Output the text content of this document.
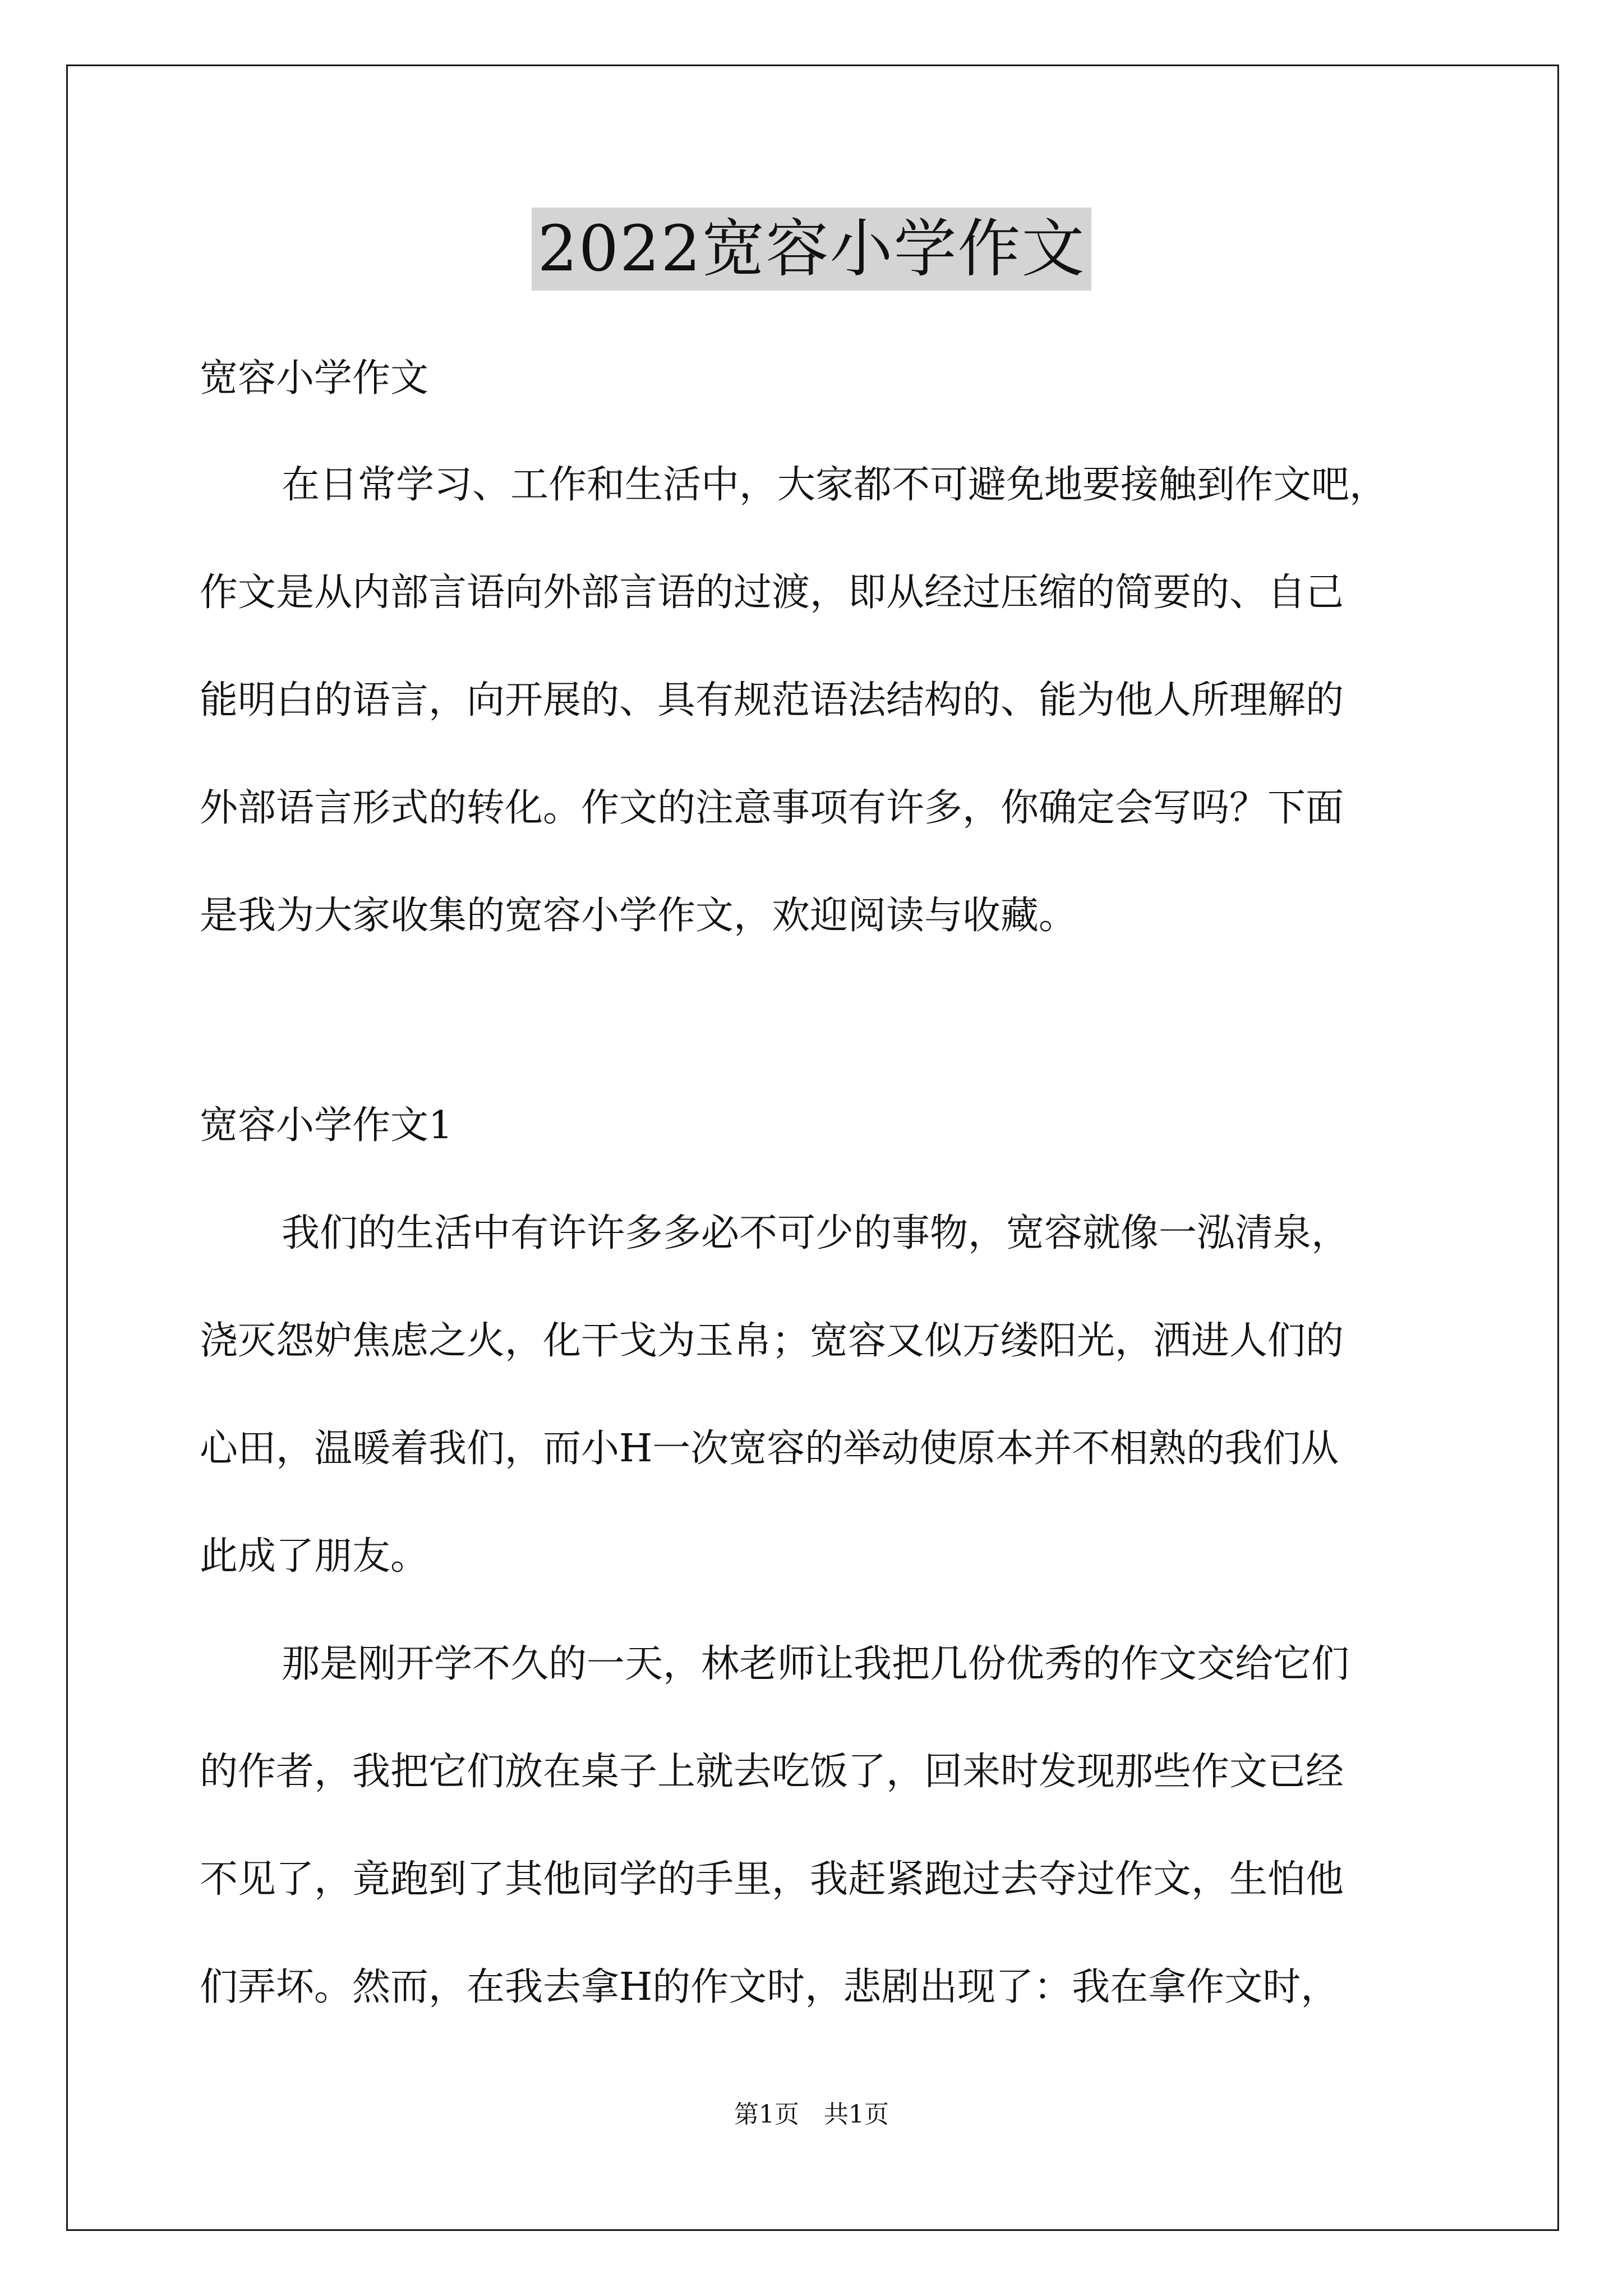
2022宽容小学作文
宽容小学作文
在日常学习、工作和生活中，大家都不可避免地要接触到作文吧，
作文是从内部言语向外部言语的过渡，即从经过压缩的简要的、自己
能明白的语言，向开展的、具有规范语法结构的、能为他人所理解的
外部语言形式的转化。作文的注意事项有许多，你确定会写吗？下面
是我为大家收集的宽容小学作文，欢迎阅读与收藏。
宽容小学作文1
我们的生活中有许许多多必不可少的事物，宽容就像一泓清泉，
浇灭怨妒焦虑之火，化干戈为玉帛；宽容又似万缕阳光，洒进人们的
心田，温暖着我们，而小H一次宽容的举动使原本并不相熟的我们从
此成了朋友。
那是刚开学不久的一天，林老师让我把几份优秀的作文交给它们
的作者，我把它们放在桌子上就去吃饭了，回来时发现那些作文已经
不见了，竟跑到了其他同学的手里，我赶紧跑过去夺过作文，生怕他
们弄坏。然而，在我去拿H的作文时，悲剧出现了：我在拿作文时，
第1页　共1页
